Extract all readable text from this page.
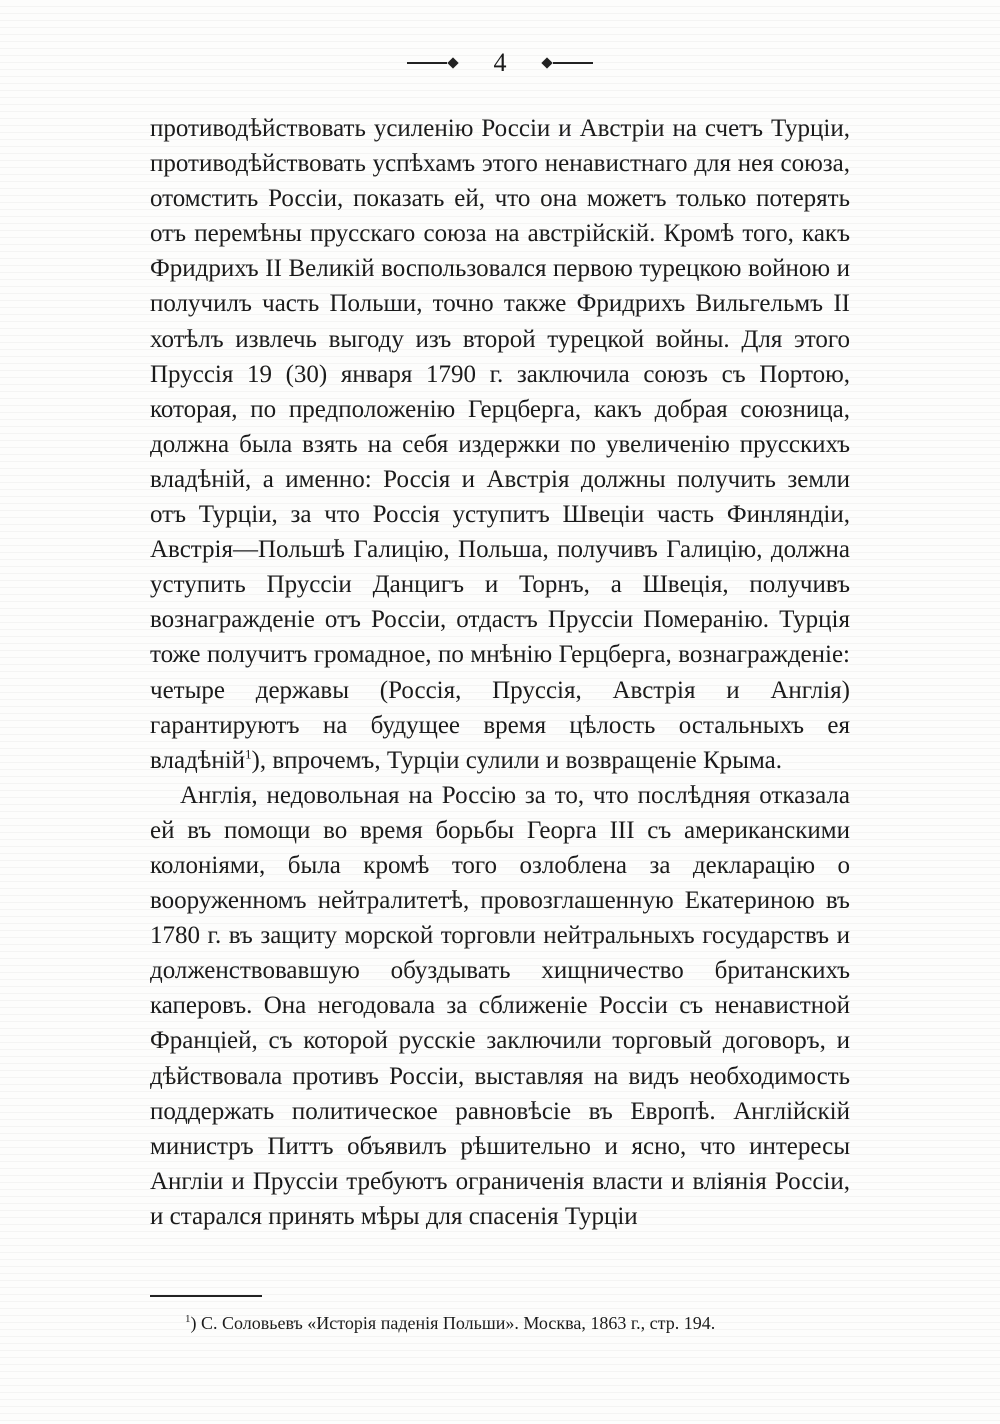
4

противодѣйствовать усиленію Россіи и Австріи на счетъ Турціи, противодѣйствовать успѣхамъ этого ненавистнаго для нея союза, отомстить Россіи, показать ей, что она можетъ только потерять отъ перемѣны прусскаго союза на австрійскій. Кромѣ того, какъ Фридрихъ II Великій воспользовался первою турецкою войною и получилъ часть Польши, точно также Фридрихъ Вильгельмъ II хотѣлъ извлечь выгоду изъ второй турецкой войны. Для этого Пруссія 19 (30) января 1790 г. заключила союзъ съ Портою, которая, по предположенію Герцберга, какъ добрая союзница, должна была взять на себя издержки по увеличенію прусскихъ владѣній, а именно: Россія и Австрія должны получить земли отъ Турціи, за что Россія уступитъ Швеціи часть Финляндіи, Австрія—Польшѣ Галицію, Польша, получивъ Галицію, должна уступить Пруссіи Данцигъ и Торнъ, а Швеція, получивъ вознагражденіе отъ Россіи, отдастъ Пруссіи Померанію. Турція тоже получитъ громадное, по мнѣнію Герцберга, вознагражденіе: четыре державы (Россія, Пруссія, Австрія и Англія) гарантируютъ на будущее время цѣлость остальныхъ ея владѣній$^1$), впрочемъ, Турціи сулили и возвращеніе Крыма.

Англія, недовольная на Россію за то, что послѣдняя отказала ей въ помощи во время борьбы Георга III съ американскими колоніями, была кромѣ того озлоблена за декларацію о вооруженномъ нейтралитетѣ, провозглашенную Екатериною въ 1780 г. въ защиту морской торговли нейтральныхъ государствъ и долженствовавшую обуздывать хищничество британскихъ каперовъ. Она негодовала за сближеніе Россіи съ ненавистной Франціей, съ которой русскіе заключили торговый договоръ, и дѣйствовала противъ Россіи, выставляя на видъ необходимость поддержать политическое равновѣсіе въ Европѣ. Англійскій министръ Питтъ объявилъ рѣшительно и ясно, что интересы Англіи и Пруссіи требуютъ ограниченія власти и вліянія Россіи, и старался принять мѣры для спасенія Турціи

$^1$) С. Соловьевъ «Исторія паденія Польши». Москва, 1863 г., стр. 194.
